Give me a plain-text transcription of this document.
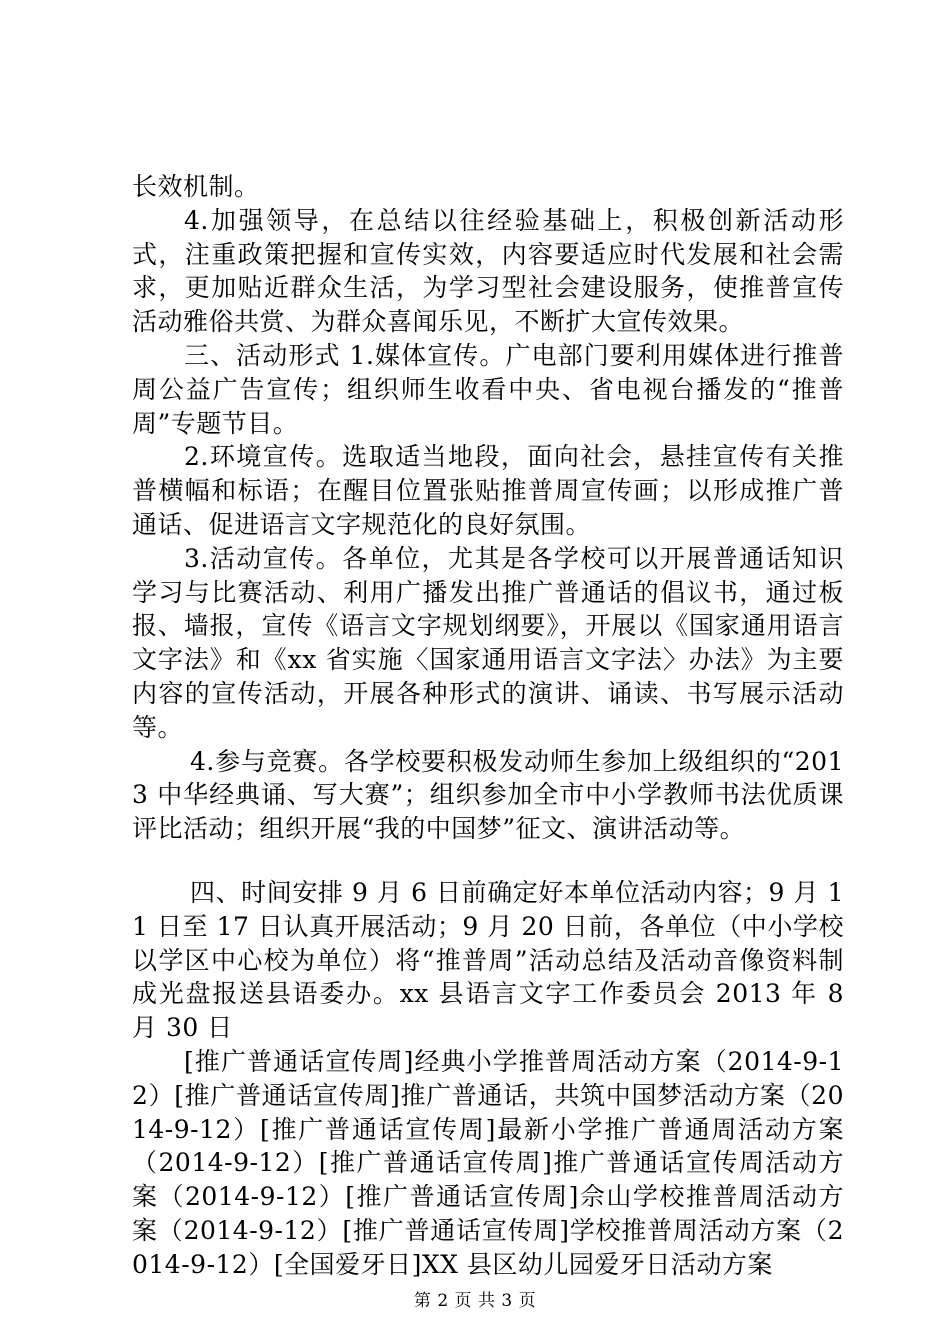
长效机制。

4.加强领导，在总结以往经验基础上，积极创新活动形式，注重政策把握和宣传实效，内容要适应时代发展和社会需求，更加贴近群众生活，为学习型社会建设服务，使推普宣传活动雅俗共赏、为群众喜闻乐见，不断扩大宣传效果。

三、活动形式 1.媒体宣传。广电部门要利用媒体进行推普周公益广告宣传；组织师生收看中央、省电视台播发的“推普周”专题节目。

2.环境宣传。选取适当地段，面向社会，悬挂宣传有关推普横幅和标语；在醒目位置张贴推普周宣传画；以形成推广普通话、促进语言文字规范化的良好氛围。

3.活动宣传。各单位，尤其是各学校可以开展普通话知识学习与比赛活动、利用广播发出推广普通话的倡议书，通过板报、墙报，宣传《语言文字规划纲要》，开展以《国家通用语言文字法》和《xx 省实施〈国家通用语言文字法〉办法》为主要内容的宣传活动，开展各种形式的演讲、诵读、书写展示活动等。

4.参与竞赛。各学校要积极发动师生参加上级组织的“2013 中华经典诵、写大赛”；组织参加全市中小学教师书法优质课评比活动；组织开展“我的中国梦”征文、演讲活动等。

四、时间安排 9 月 6 日前确定好本单位活动内容；9 月 11 日至 17 日认真开展活动；9 月 20 日前，各单位（中小学校以学区中心校为单位）将“推普周”活动总结及活动音像资料制成光盘报送县语委办。xx 县语言文字工作委员会 2013 年 8 月 30 日

[推广普通话宣传周]经典小学推普周活动方案（2014-9-12）[推广普通话宣传周]推广普通话，共筑中国梦活动方案（2014-9-12）[推广普通话宣传周]最新小学推广普通周活动方案（2014-9-12）[推广普通话宣传周]推广普通话宣传周活动方案（2014-9-12）[推广普通话宣传周]佘山学校推普周活动方案（2014-9-12）[推广普通话宣传周]学校推普周活动方案（2014-9-12）[全国爱牙日]XX 县区幼儿园爱牙日活动方案

第 2 页 共 3 页
